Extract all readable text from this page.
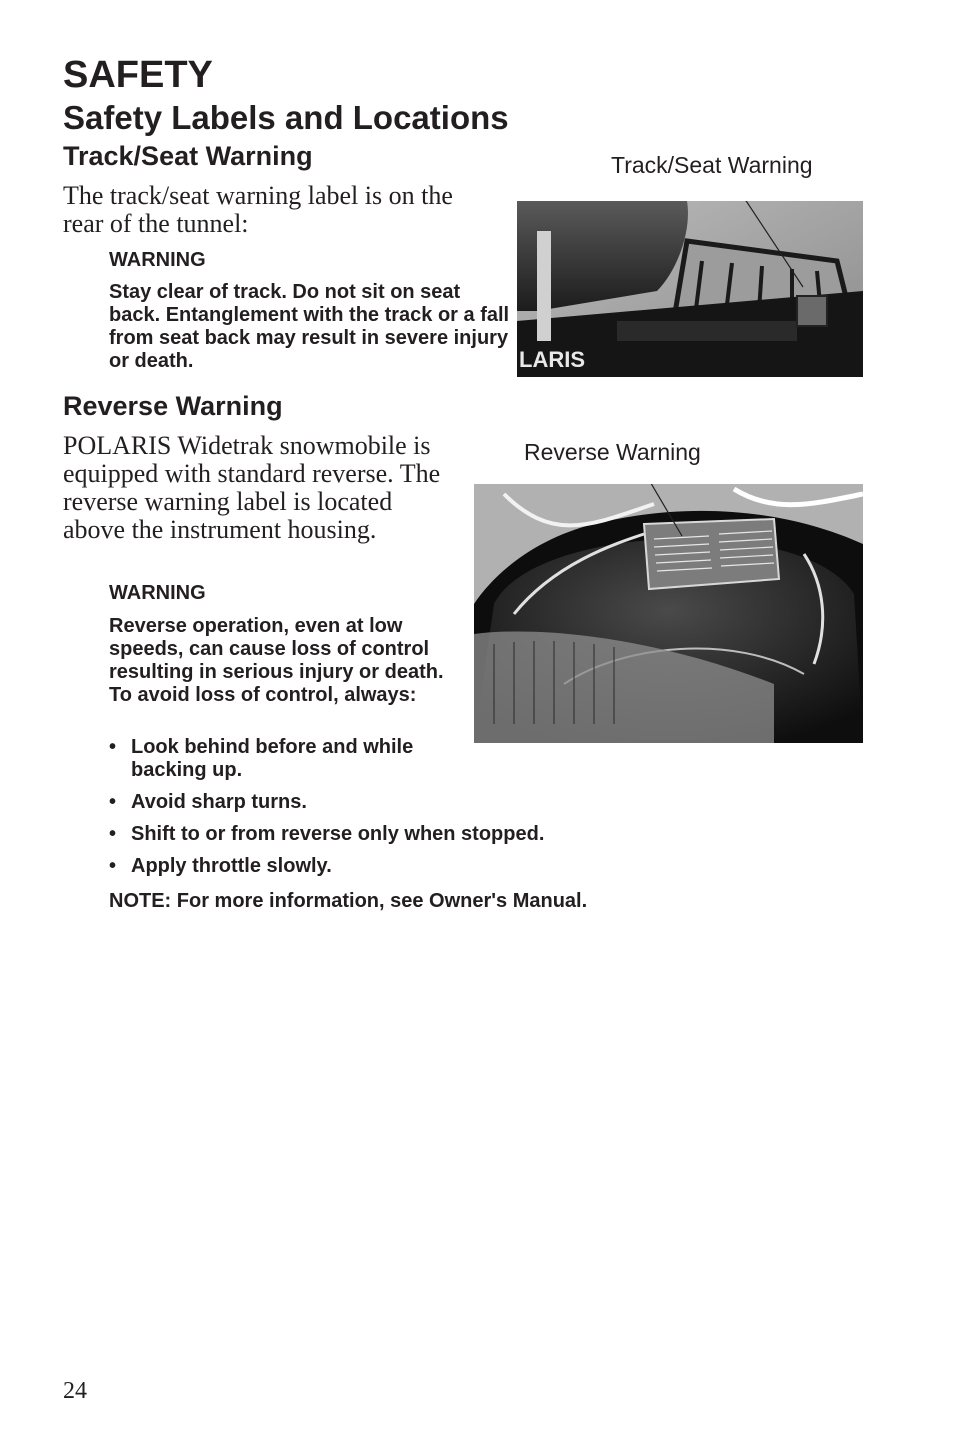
SAFETY
Safety Labels and Locations
Track/Seat Warning
The track/seat warning label is on the rear of the tunnel:
WARNING
Stay clear of track. Do not sit on seat back. Entanglement with the track or a fall from seat back may result in severe injury or death.
Track/Seat Warning
LARIS
Reverse Warning
POLARIS Widetrak snowmobile is equipped with standard reverse. The reverse warning label is located above the instrument housing.
WARNING
Reverse operation, even at low speeds, can cause loss of control resulting in serious injury or death. To avoid loss of control, always:
Reverse Warning
• Look behind before and while backing up.
• Avoid sharp turns.
• Shift to or from reverse only when stopped.
• Apply throttle slowly.
NOTE: For more information, see Owner's Manual.
24
